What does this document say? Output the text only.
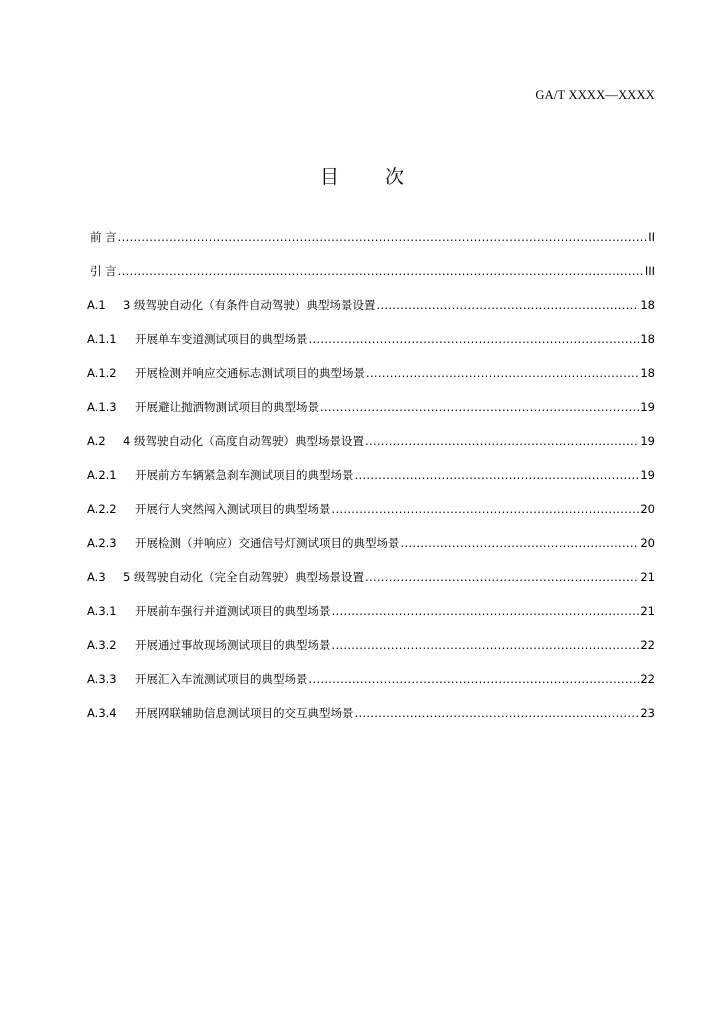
GA/T XXXX—XXXX
目 次
前 言 .....	II
引 言 .....	III
A.1	3 级驾驶自动化（有条件自动驾驶）典型场景设置 .....	18
A.1.1	开展单车变道测试项目的典型场景 .....	18
A.1.2	开展检测并响应交通标志测试项目的典型场景 .....	18
A.1.3	开展避让抛洒物测试项目的典型场景 .....	19
A.2	4 级驾驶自动化（高度自动驾驶）典型场景设置 .....	19
A.2.1	开展前方车辆紧急刹车测试项目的典型场景 .....	19
A.2.2	开展行人突然闯入测试项目的典型场景 .....	20
A.2.3	开展检测（并响应）交通信号灯测试项目的典型场景 .....	20
A.3	5 级驾驶自动化（完全自动驾驶）典型场景设置 .....	21
A.3.1	开展前车强行并道测试项目的典型场景 .....	21
A.3.2	开展通过事故现场测试项目的典型场景 .....	22
A.3.3	开展汇入车流测试项目的典型场景 .....	22
A.3.4	开展网联辅助信息测试项目的交互典型场景 .....	23
